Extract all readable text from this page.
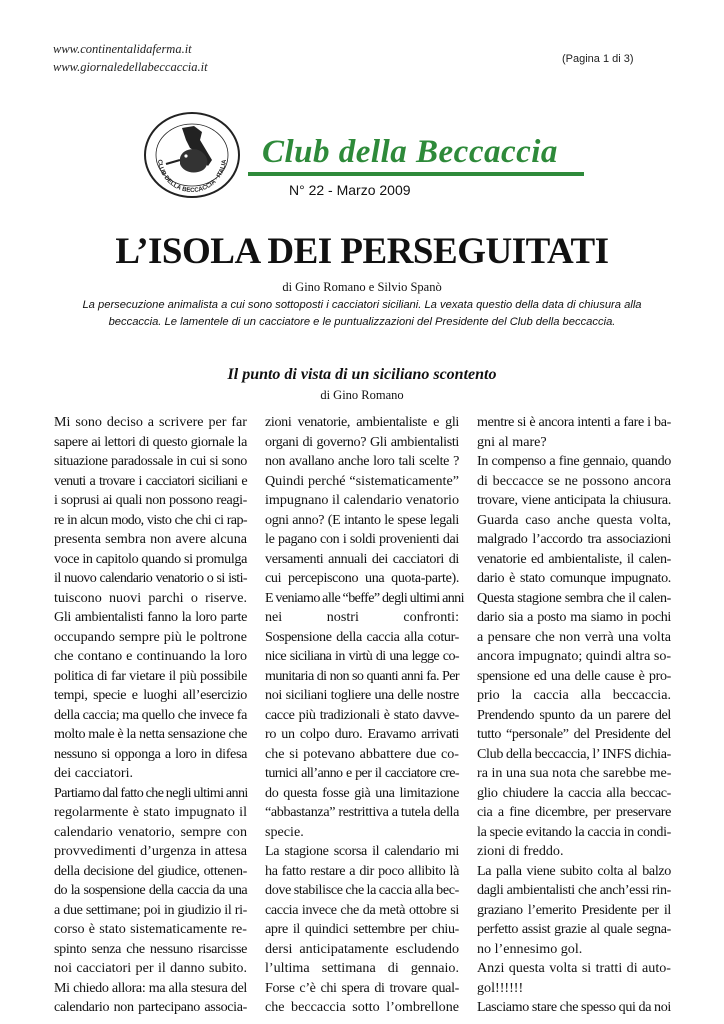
www.continentalidaferma.it
www.giornaledellabeccaccia.it
(Pagina 1 di 3)
CLUB DELLA BECCACCIA · ITALIA Club della Beccaccia
N° 22 - Marzo 2009
L’ISOLA DEI PERSEGUITATI
di Gino Romano e Silvio Spanò
La persecuzione animalista a cui sono sottoposti i cacciatori siciliani. La vexata questio della data di chiusura alla
beccaccia. Le lamentele di un cacciatore e le puntualizzazioni del Presidente del Club della beccaccia.
Il punto di vista di un siciliano scontento
di Gino Romano
Mi sono deciso a scrivere per far
sapere ai lettori di questo giornale la
situazione paradossale in cui si sono
venuti a trovare i cacciatori siciliani e
i soprusi ai quali non possono reagi-
re in alcun modo, visto che chi ci rap-
presenta sembra non avere alcuna
voce in capitolo quando si promulga
il nuovo calendario venatorio o si isti-
tuiscono nuovi parchi o riserve.
Gli ambientalisti fanno la loro parte
occupando sempre più le poltrone
che contano e continuando la loro
politica di far vietare il più possibile
tempi, specie e luoghi all’esercizio
della caccia; ma quello che invece fa
molto male è la netta sensazione che
nessuno si opponga a loro in difesa
dei cacciatori.
Partiamo dal fatto che negli ultimi anni
regolarmente è stato impugnato il
calendario venatorio, sempre con
provvedimenti d’urgenza in attesa
della decisione del giudice, ottenen-
do la sospensione della caccia da una
a due settimane; poi in giudizio il ri-
corso è stato sistematicamente re-
spinto senza che nessuno risarcisse
noi cacciatori per il danno subito.
Mi chiedo allora: ma alla stesura del
calendario non partecipano associa-
zioni venatorie, ambientaliste e gli
organi di governo? Gli ambientalisti
non avallano anche loro tali scelte ?
Quindi perché “sistematicamente”
impugnano il calendario venatorio
ogni anno? (E intanto le spese legali
le pagano con i soldi provenienti dai
versamenti annuali dei cacciatori di
cui percepiscono una quota-parte).
E veniamo alle “beffe” degli ultimi anni
nei nostri confronti:
Sospensione della caccia alla cotur-
nice siciliana in virtù di una legge co-
munitaria di non so quanti anni fa. Per
noi siciliani togliere una delle nostre
cacce più tradizionali è stato davve-
ro un colpo duro. Eravamo arrivati
che si potevano abbattere due co-
turnici all’anno e per il cacciatore cre-
do questa fosse già una limitazione
“abbastanza” restrittiva a tutela della
specie.
La stagione scorsa il calendario mi
ha fatto restare a dir poco allibito là
dove stabilisce che la caccia alla bec-
caccia invece che da metà ottobre si
apre il quindici settembre per chiu-
dersi anticipatamente escludendo
l’ultima settimana di gennaio.
Forse c’è chi spera di trovare qual-
che beccaccia sotto l’ombrellone
mentre si è ancora intenti a fare i ba-
gni al mare?
In compenso a fine gennaio, quando
di beccacce se ne possono ancora
trovare, viene anticipata la chiusura.
Guarda caso anche questa volta,
malgrado l’accordo tra associazioni
venatorie ed ambientaliste, il calen-
dario è stato comunque impugnato.
Questa stagione sembra che il calen-
dario sia a posto ma siamo in pochi
a pensare che non verrà una volta
ancora impugnato; quindi altra so-
spensione ed una delle cause è pro-
prio la caccia alla beccaccia.
Prendendo spunto da un parere del
tutto “personale” del Presidente del
Club della beccaccia, l’ INFS dichia-
ra in una sua nota che sarebbe me-
glio chiudere la caccia alla beccac-
cia a fine dicembre, per preservare
la specie evitando la caccia in condi-
zioni di freddo.
La palla viene subito colta al balzo
dagli ambientalisti che anch’essi rin-
graziano l’emerito Presidente per il
perfetto assist grazie al quale segna-
no l’ennesimo gol.
Anzi questa volta si tratti di auto-
gol!!!!!!
Lasciamo stare che spesso qui da noi
